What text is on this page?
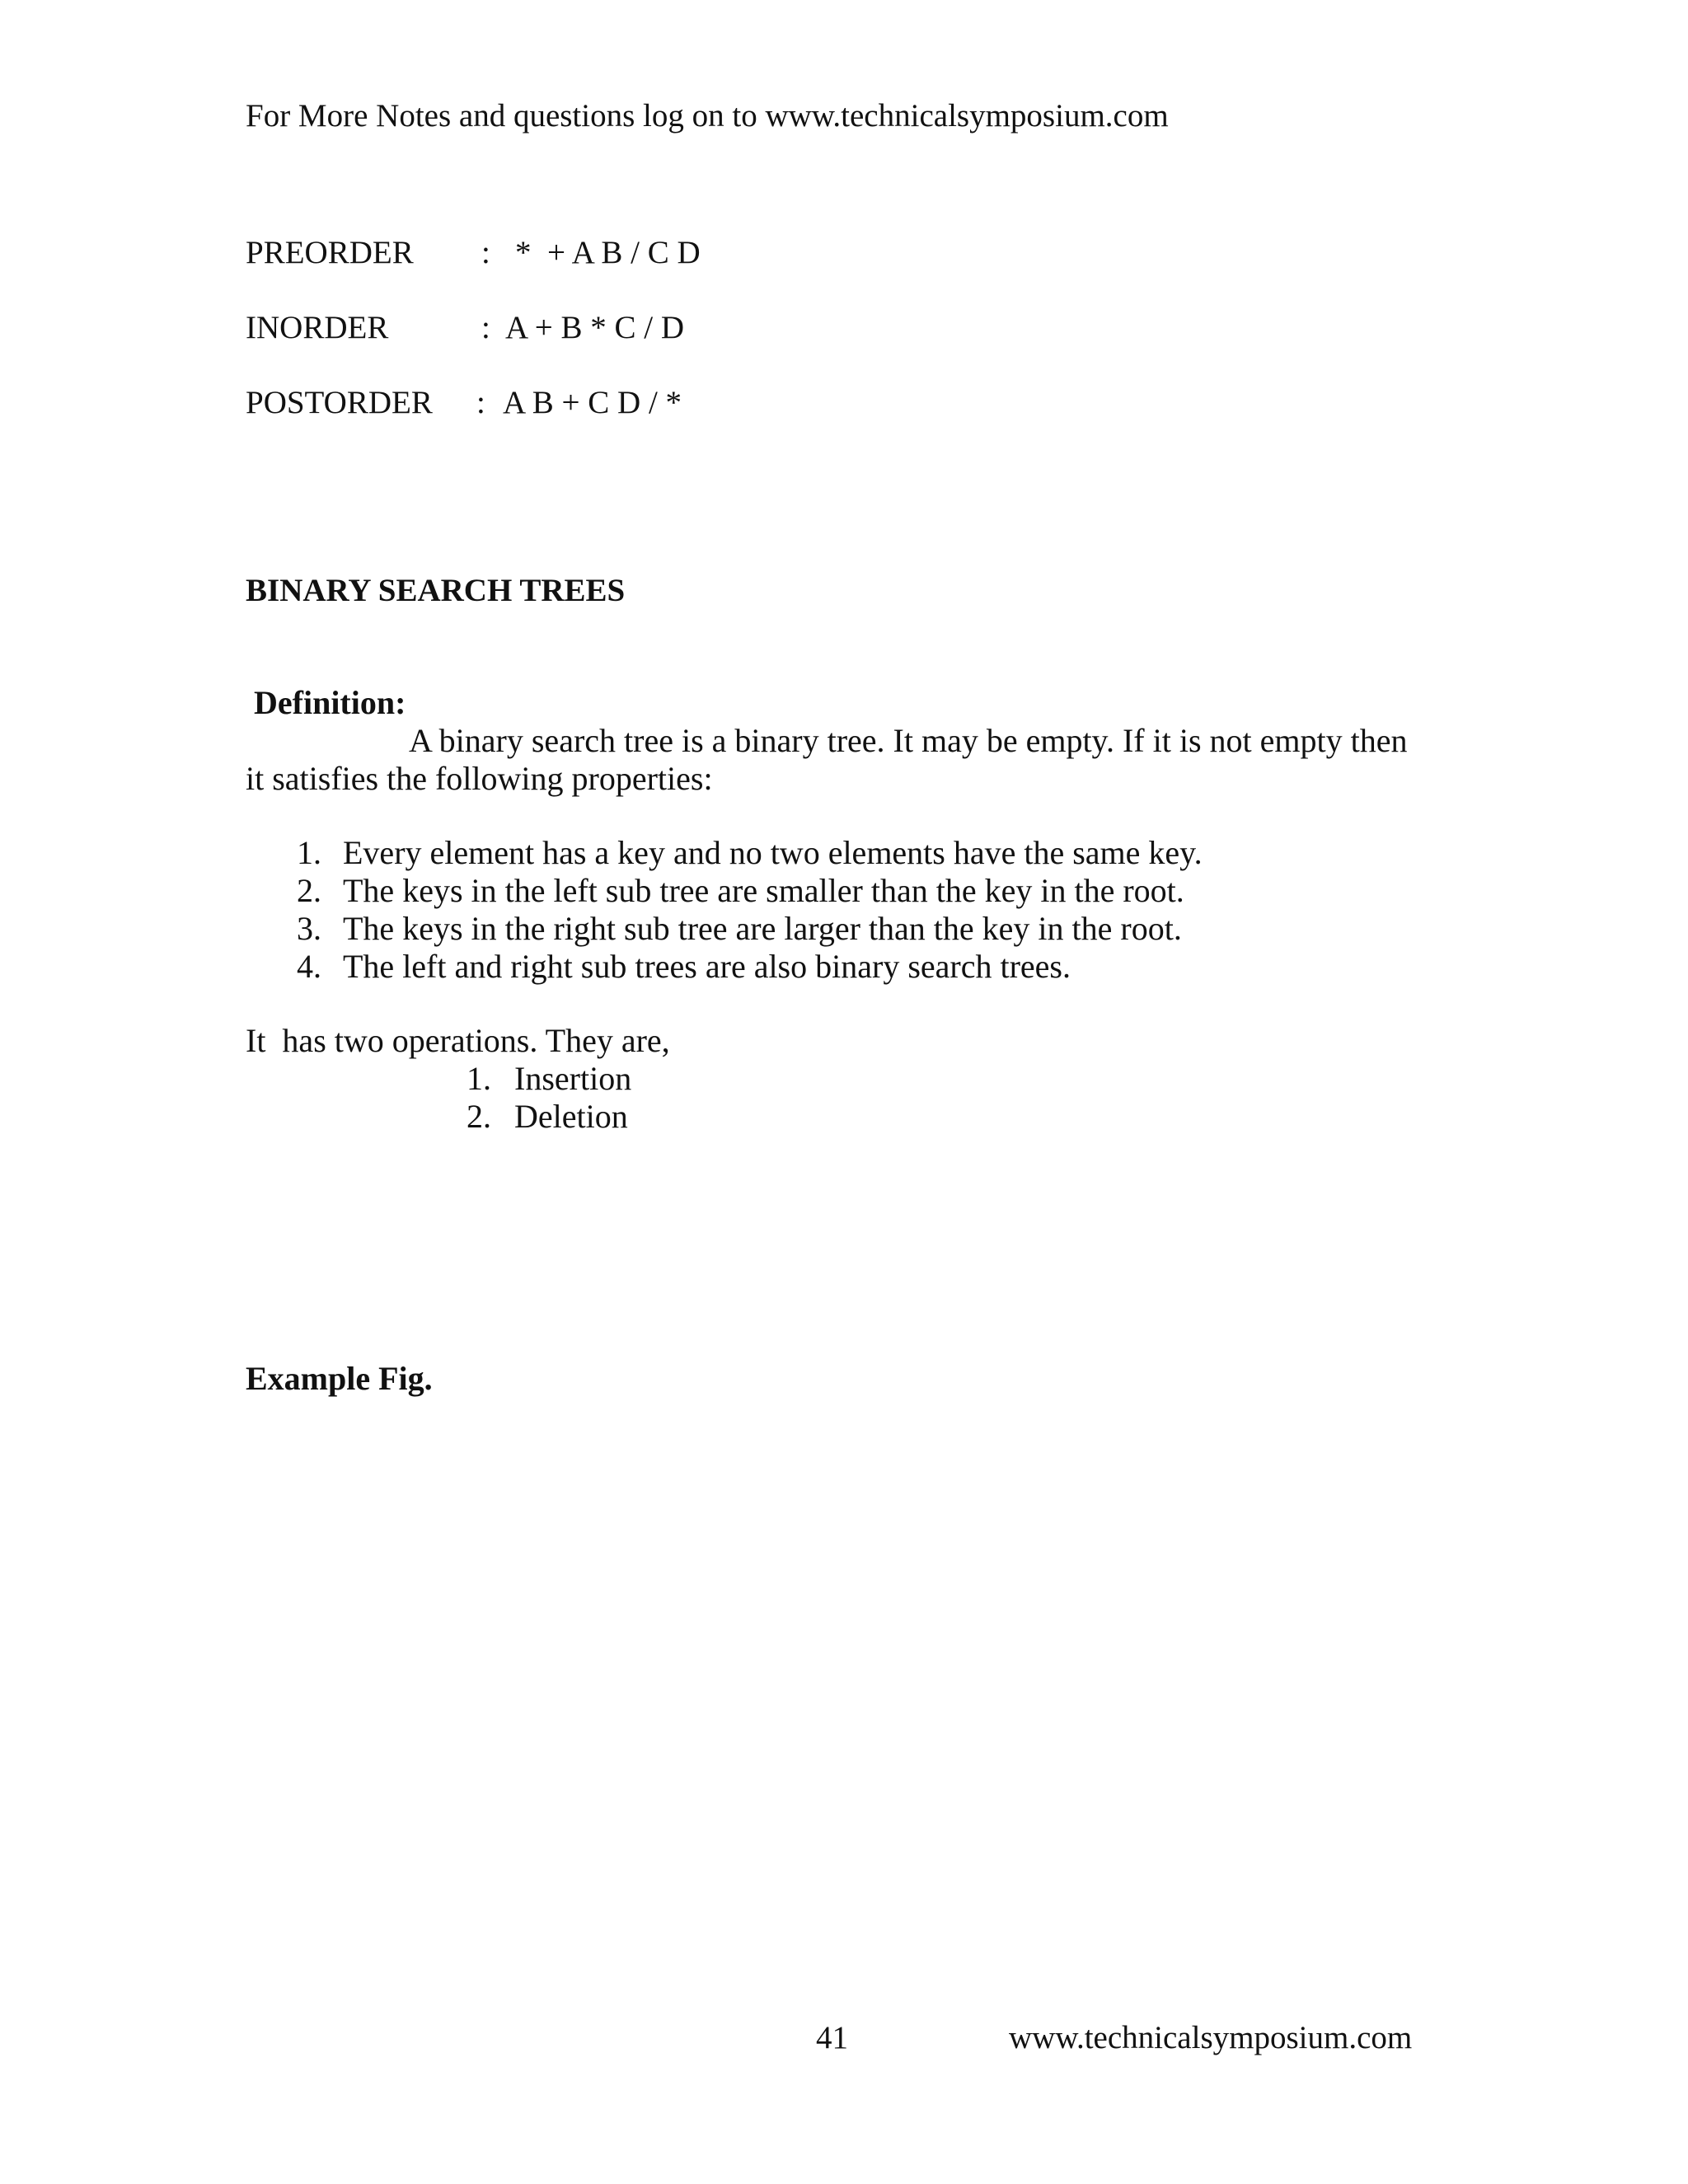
For More Notes and questions log on to www.technicalsymposium.com
PREORDER : *  + A B / C D
INORDER	: A + B * C / D
POSTORDER : A B + C D / *
BINARY SEARCH TREES
Definition:
A binary search tree is a binary tree. It may be empty. If it is not empty then
it satisfies the following properties:
1. Every element has a key and no two elements have the same key.
2. The keys in the left sub tree are smaller than the key in the root.
3. The keys in the right sub tree are larger than the key in the root.
4. The left and right sub trees are also binary search trees.
It  has two operations. They are,
1. Insertion
2. Deletion
Example Fig.
41	www.technicalsymposium.com
